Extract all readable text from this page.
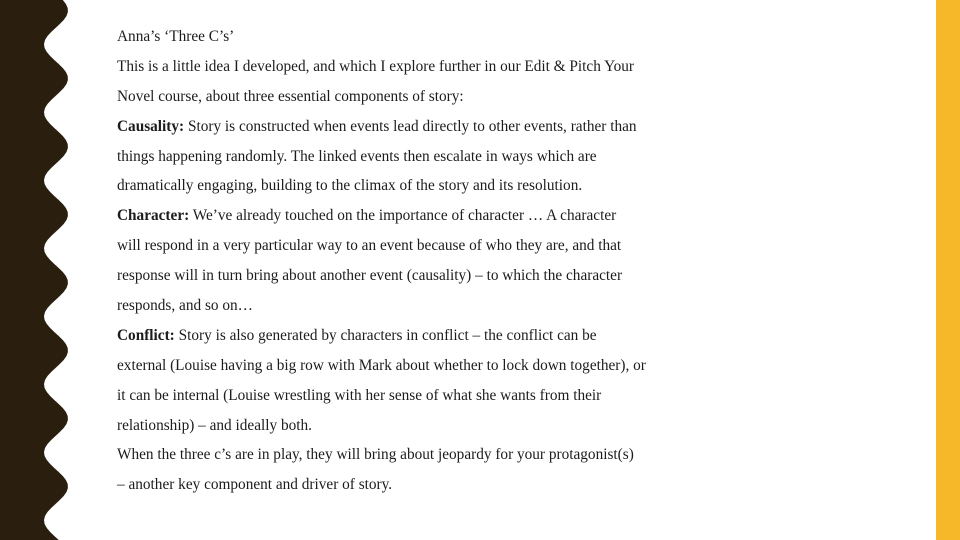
Anna’s ‘Three C’s’
This is a little idea I developed, and which I explore further in our Edit & Pitch Your
Novel course, about three essential components of story:
Causality: Story is constructed when events lead directly to other events, rather than
things happening randomly. The linked events then escalate in ways which are
dramatically engaging, building to the climax of the story and its resolution.
Character: We’ve already touched on the importance of character … A character
will respond in a very particular way to an event because of who they are, and that
response will in turn bring about another event (causality) – to which the character
responds, and so on…
Conflict: Story is also generated by characters in conflict – the conflict can be
external (Louise having a big row with Mark about whether to lock down together), or
it can be internal (Louise wrestling with her sense of what she wants from their
relationship) – and ideally both.
When the three c’s are in play, they will bring about jeopardy for your protagonist(s)
– another key component and driver of story.
